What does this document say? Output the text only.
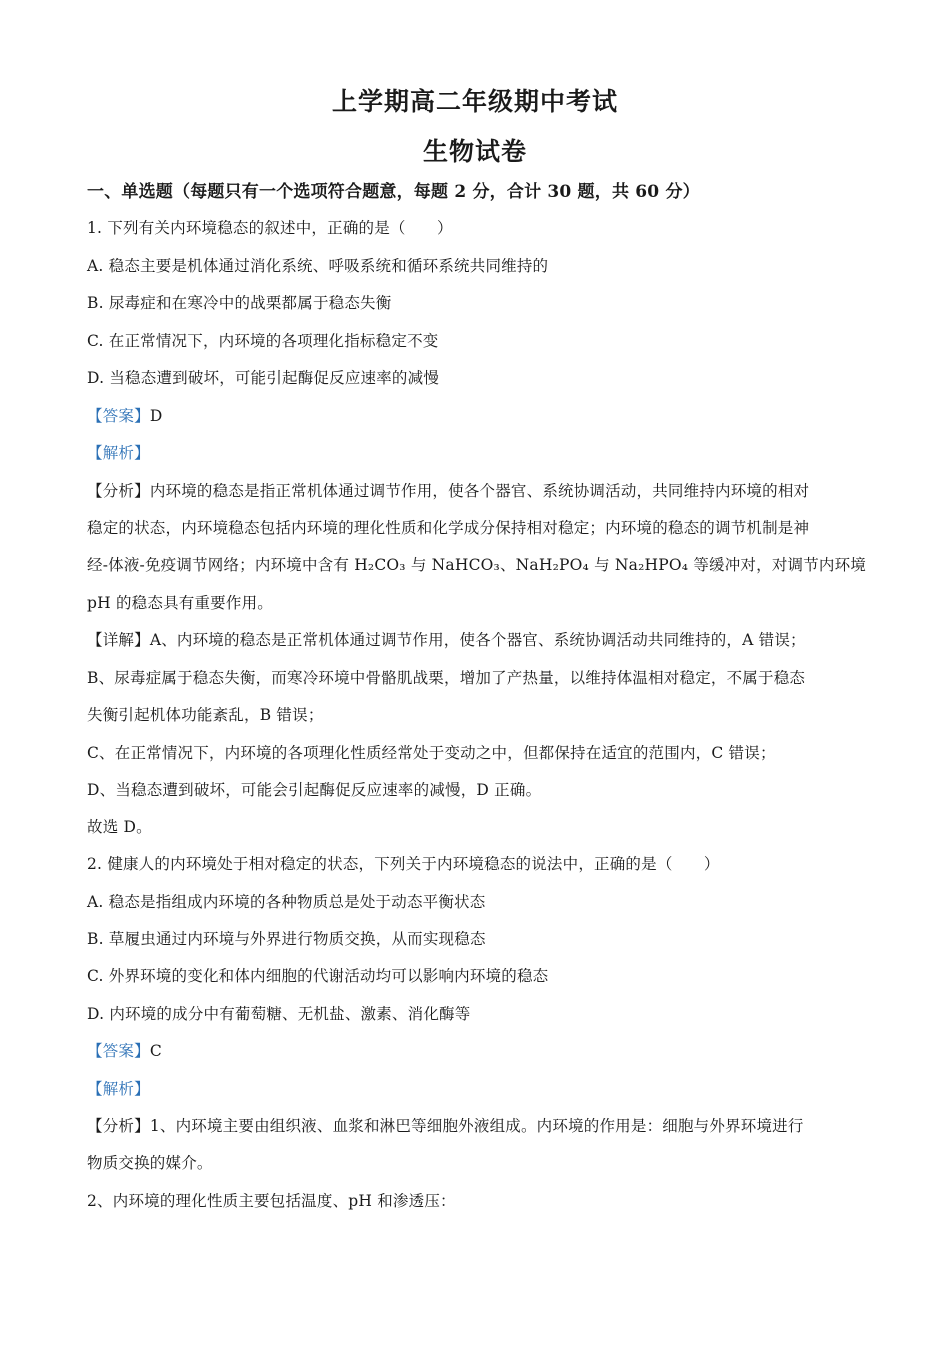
上学期高二年级期中考试
生物试卷
一、单选题（每题只有一个选项符合题意，每题 2 分，合计 30 题，共 60 分）
1. 下列有关内环境稳态的叙述中，正确的是（　　）
A. 稳态主要是机体通过消化系统、呼吸系统和循环系统共同维持的
B. 尿毒症和在寒冷中的战栗都属于稳态失衡
C. 在正常情况下，内环境的各项理化指标稳定不变
D. 当稳态遭到破坏，可能引起酶促反应速率的减慢
【答案】D
【解析】
【分析】内环境的稳态是指正常机体通过调节作用，使各个器官、系统协调活动，共同维持内环境的相对
稳定的状态，内环境稳态包括内环境的理化性质和化学成分保持相对稳定；内环境的稳态的调节机制是神
经-体液-免疫调节网络；内环境中含有 H₂CO₃ 与 NaHCO₃、NaH₂PO₄ 与 Na₂HPO₄ 等缓冲对，对调节内环境
pH 的稳态具有重要作用。
【详解】A、内环境的稳态是正常机体通过调节作用，使各个器官、系统协调活动共同维持的，A 错误；
B、尿毒症属于稳态失衡，而寒冷环境中骨骼肌战栗，增加了产热量，以维持体温相对稳定，不属于稳态
失衡引起机体功能紊乱，B 错误；
C、在正常情况下，内环境的各项理化性质经常处于变动之中，但都保持在适宜的范围内，C 错误；
D、当稳态遭到破坏，可能会引起酶促反应速率的减慢，D 正确。
故选 D。
2. 健康人的内环境处于相对稳定的状态，下列关于内环境稳态的说法中，正确的是（　　）
A. 稳态是指组成内环境的各种物质总是处于动态平衡状态
B. 草履虫通过内环境与外界进行物质交换，从而实现稳态
C. 外界环境的变化和体内细胞的代谢活动均可以影响内环境的稳态
D. 内环境的成分中有葡萄糖、无机盐、激素、消化酶等
【答案】C
【解析】
【分析】1、内环境主要由组织液、血浆和淋巴等细胞外液组成。内环境的作用是：细胞与外界环境进行
物质交换的媒介。
2、内环境的理化性质主要包括温度、pH 和渗透压：
